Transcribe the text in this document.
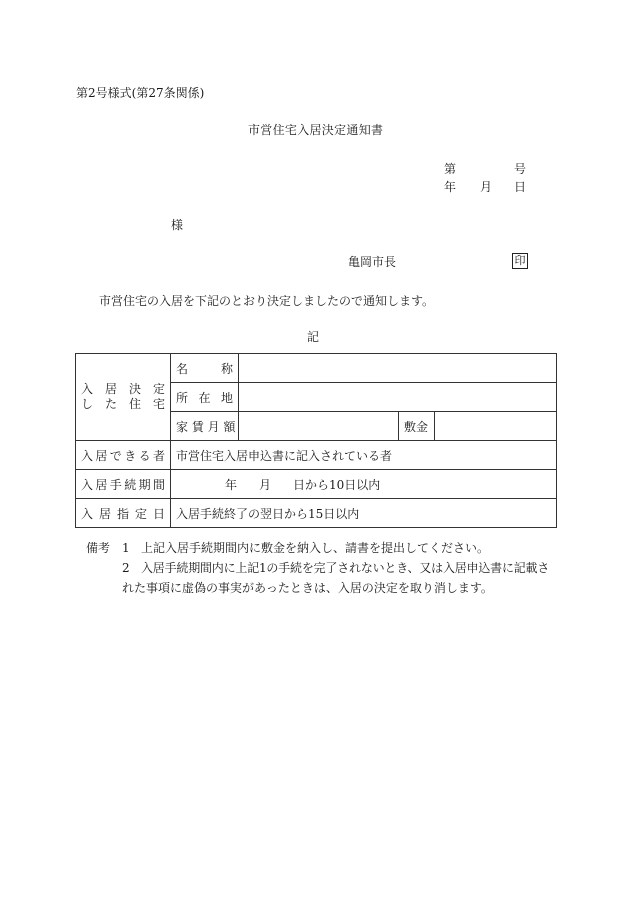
第2号様式(第27条関係)
市営住宅入居決定通知書
第	号
年 月 日
様
亀岡市長	印
市営住宅の入居を下記のとおり決定しましたので通知します。
記
入 居 決 定
し た 住 宅	名 称			
	所 在 地			
	家 賃 月 額		敷金	
入居できる者	市営住宅入居申込書に記入されている者			
入居手続期間	年 月 日から10日以内			
入 居 指 定 日	入居手続終了の翌日から15日以内			
備考 1 上記入居手続期間内に敷金を納入し、請書を提出してください。
2 入居手続期間内に上記1の手続を完了されないとき、又は入居申込書に記載さ
れた事項に虚偽の事実があったときは、入居の決定を取り消します。
